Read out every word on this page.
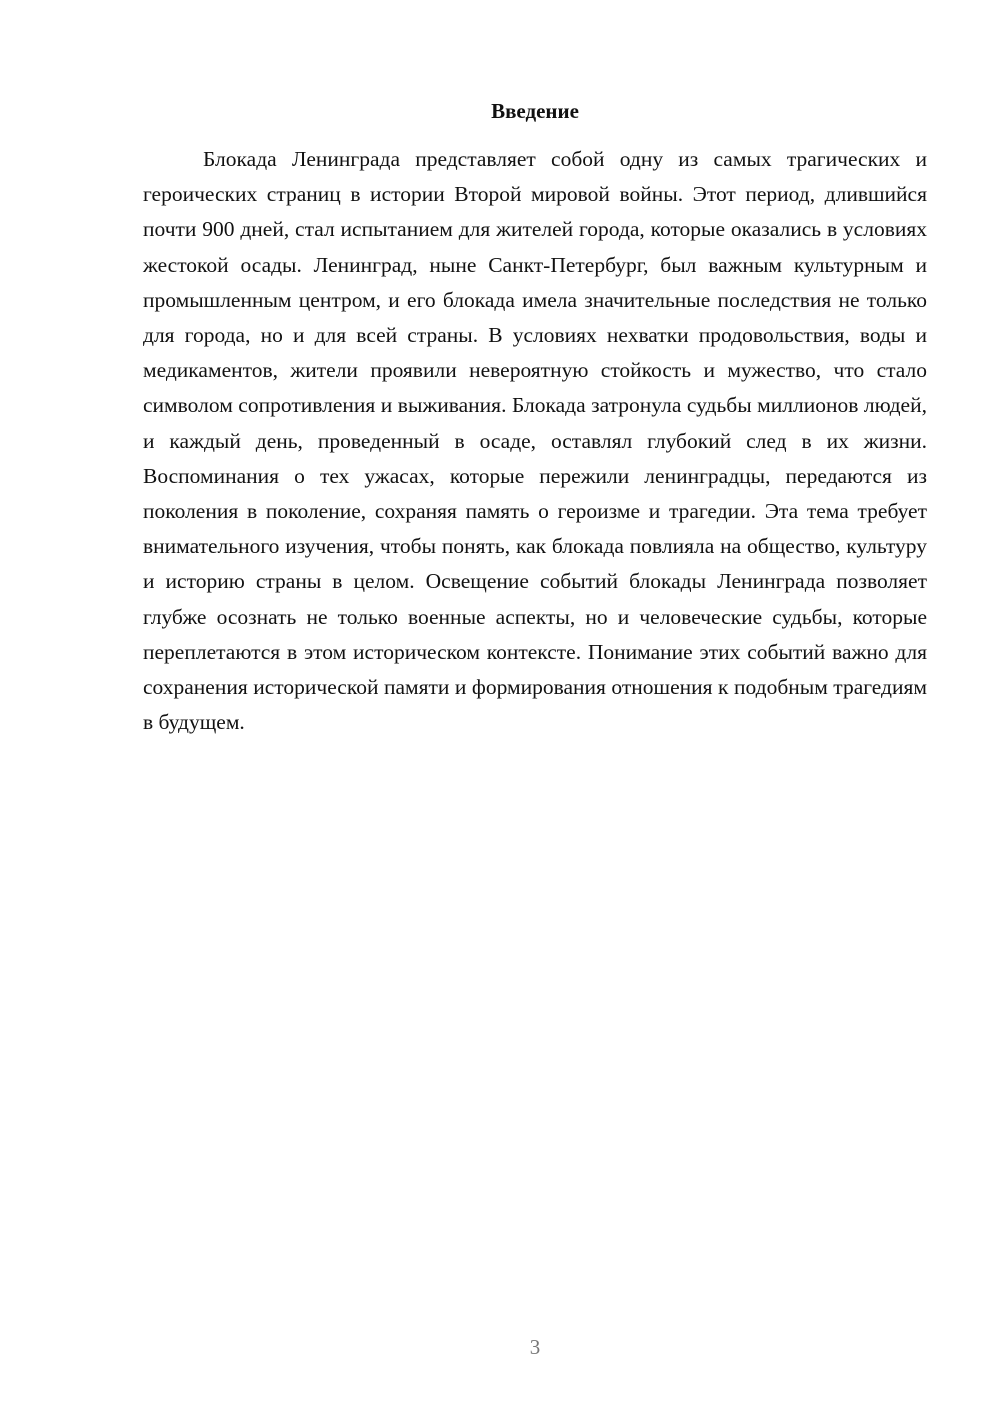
Введение

Блокада Ленинграда представляет собой одну из самых трагических и героических страниц в истории Второй мировой войны. Этот период, длившийся почти 900 дней, стал испытанием для жителей города, которые оказались в условиях жестокой осады. Ленинград, ныне Санкт-Петербург, был важным культурным и промышленным центром, и его блокада имела значительные последствия не только для города, но и для всей страны. В условиях нехватки продовольствия, воды и медикаментов, жители проявили невероятную стойкость и мужество, что стало символом сопротивления и выживания. Блокада затронула судьбы миллионов людей, и каждый день, проведенный в осаде, оставлял глубокий след в их жизни. Воспоминания о тех ужасах, которые пережили ленинградцы, передаются из поколения в поколение, сохраняя память о героизме и трагедии. Эта тема требует внимательного изучения, чтобы понять, как блокада повлияла на общество, культуру и историю страны в целом. Освещение событий блокады Ленинграда позволяет глубже осознать не только военные аспекты, но и человеческие судьбы, которые переплетаются в этом историческом контексте. Понимание этих событий важно для сохранения исторической памяти и формирования отношения к подобным трагедиям в будущем.

3
